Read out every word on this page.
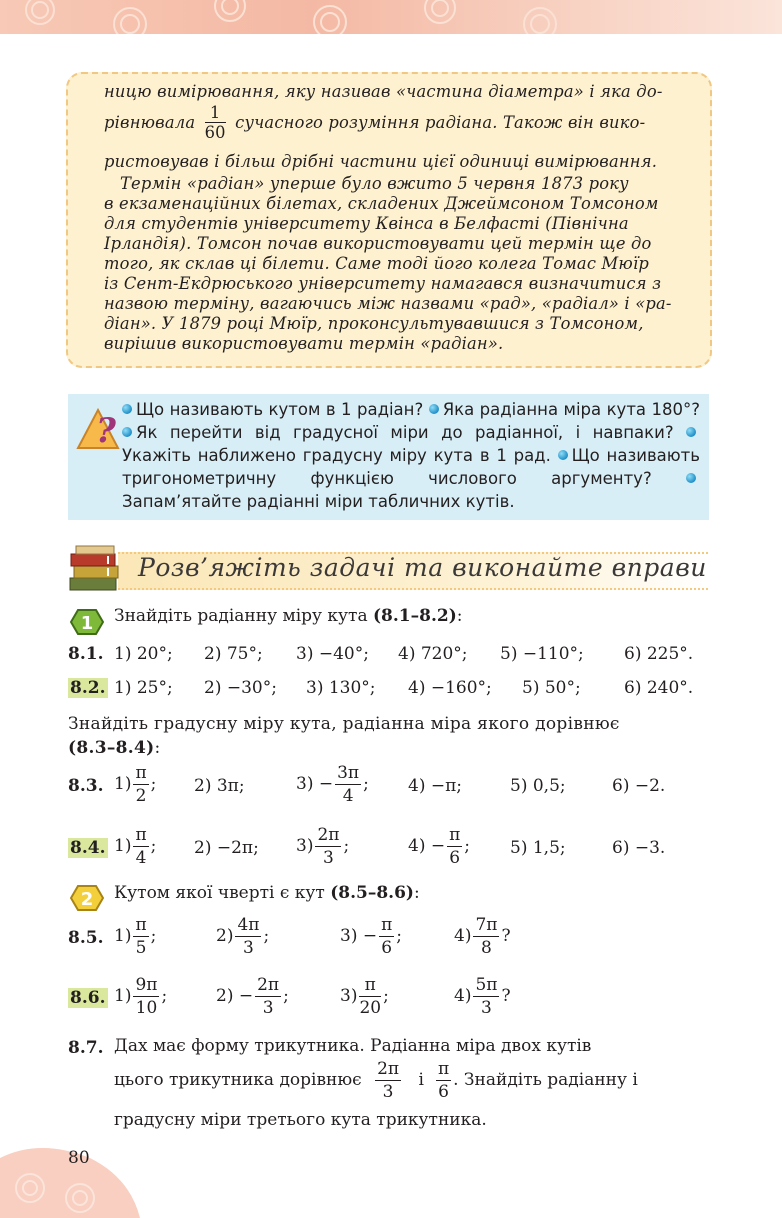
ницю вимірювання, яку називав «частина діаметра» і яка до-

рівнювала $\frac{1}{60}$ сучасного розуміння радіана. Також він вико-

ристовував і більш дрібні частини цієї одиниці вимірювання.

Термін «радіан» уперше було вжито 5 червня 1873 року

в екзаменаційних білетах, складених Джеймсоном Томсоном

для студентів університету Квінса в Белфасті (Північна

Ірландія). Томсон почав використовувати цей термін ще до

того, як склав ці білети. Саме тоді його колега Томас Мюїр

із Сент-Екдрюського університету намагався визначитися з

назвою терміну, вагаючись між назвами «рад», «радіал» і «ра-

діан». У 1879 році Мюїр, проконсультувавшися з Томсоном,

вирішив використовувати термін «радіан».

?
Що називають кутом в 1 радіан? Яка радіанна міра кута 180°? Як перейти від градусної міри до радіанної, і навпаки? Укажіть наближено градусну міру кута в 1 рад. Що називають тригонометричну функцією числового аргументу? Запам’ятайте радіанні міри табличних кутів.
Розв’яжіть задачі та виконайте вправи
1 Знайдіть радіанну міру кута (8.1–8.2):
8.1. 1) 20°; 2) 75°; 3) −40°; 4) 720°; 5) −110°; 6) 225°.
8.2. 1) 25°; 2) −30°; 3) 130°; 4) −160°; 5) 50°;	6) 240°.
Знайдіть градусну міру кута, радіанна міра якого дорівнює
(8.3–8.4):
8.3. $1) \frac{\pi}{2}$ ; 2) 3π;	$3) - \frac{3\pi}{4}$ ; 4) −π;	5) 0,5;	6) −2.
8.4. $1) \frac{\pi}{4}$ ; 2) −2π; $3) \frac{2\pi}{3}$ ;	$4) - \frac{\pi}{6}$ ; 5) 1,5;	6) −3.
2 Кутом якої чверті є кут (8.5–8.6):
8.5. $1) \frac{\pi}{5}$ ;	$2) \frac{4\pi}{3}$ ;	$3) - \frac{\pi}{6}$ ;	$4) \frac{7\pi}{8}$ ?
8.6. $1) \frac{9\pi}{10}$ ;	$2) - \frac{2\pi}{3}$ ;	$3) \frac{\pi}{20}$ ;	$4) \frac{5\pi}{3}$ ?
8.7. Дах має форму трикутника. Радіанна міра двох кутів
цього трикутника дорівнює $\frac{2\pi}{3}$ і $\frac{\pi}{6}$ . Знайдіть радіанну і
градусну міри третього кута трикутника.
80
